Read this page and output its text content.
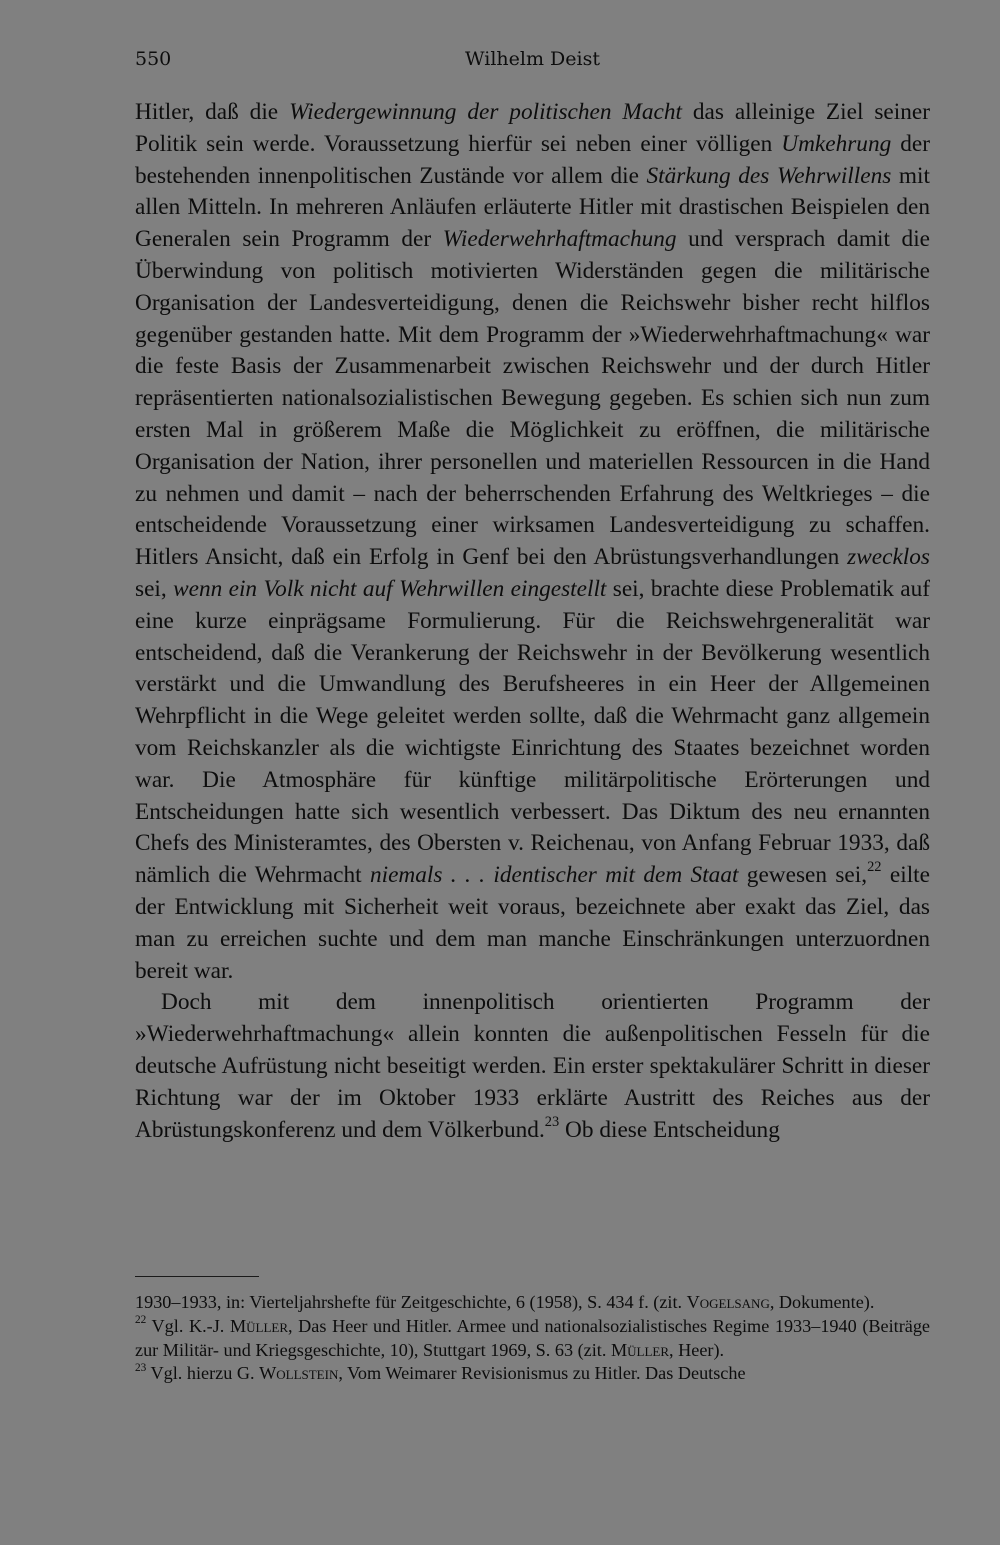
550	Wilhelm Deist

Hitler, daß die Wiedergewinnung der politischen Macht das alleinige Ziel seiner Politik sein werde. Voraussetzung hierfür sei neben einer völligen Umkehrung der bestehenden innenpolitischen Zustände vor allem die Stärkung des Wehrwillens mit allen Mitteln. In mehreren Anläufen erläuterte Hitler mit drastischen Beispielen den Generalen sein Programm der Wiederwehrhaftmachung und versprach damit die Überwindung von politisch motivierten Widerständen gegen die militärische Organisation der Landesverteidigung, denen die Reichswehr bisher recht hilflos gegenüber gestanden hatte. Mit dem Programm der »Wiederwehrhaftmachung« war die feste Basis der Zusammenarbeit zwischen Reichswehr und der durch Hitler repräsentierten nationalsozialistischen Bewegung gegeben. Es schien sich nun zum ersten Mal in größerem Maße die Möglichkeit zu eröffnen, die militärische Organisation der Nation, ihrer personellen und materiellen Ressourcen in die Hand zu nehmen und damit – nach der beherrschenden Erfahrung des Weltkrieges – die entscheidende Voraussetzung einer wirksamen Landesverteidigung zu schaffen. Hitlers Ansicht, daß ein Erfolg in Genf bei den Abrüstungsverhandlungen zwecklos sei, wenn ein Volk nicht auf Wehrwillen eingestellt sei, brachte diese Problematik auf eine kurze einprägsame Formulierung. Für die Reichswehrgeneralität war entscheidend, daß die Verankerung der Reichswehr in der Bevölkerung wesentlich verstärkt und die Umwandlung des Berufsheeres in ein Heer der Allgemeinen Wehrpflicht in die Wege geleitet werden sollte, daß die Wehrmacht ganz allgemein vom Reichskanzler als die wichtigste Einrichtung des Staates bezeichnet worden war. Die Atmosphäre für künftige militärpolitische Erörterungen und Entscheidungen hatte sich wesentlich verbessert. Das Diktum des neu ernannten Chefs des Ministeramtes, des Obersten v. Reichenau, von Anfang Februar 1933, daß nämlich die Wehrmacht niemals . . . identischer mit dem Staat gewesen sei,$^{22}$ eilte der Entwicklung mit Sicherheit weit voraus, bezeichnete aber exakt das Ziel, das man zu erreichen suchte und dem man manche Einschränkungen unterzuordnen bereit war.

Doch mit dem innenpolitisch orientierten Programm der »Wiederwehrhaftmachung« allein konnten die außenpolitischen Fesseln für die deutsche Aufrüstung nicht beseitigt werden. Ein erster spektakulärer Schritt in dieser Richtung war der im Oktober 1933 erklärte Austritt des Reiches aus der Abrüstungskonferenz und dem Völkerbund.$^{23}$ Ob diese Entscheidung

1930–1933, in: Vierteljahrshefte für Zeitgeschichte, 6 (1958), S. 434 f. (zit. Vogelsang, Dokumente).

$^{22}$ Vgl. K.-J. Müller, Das Heer und Hitler. Armee und nationalsozialistisches Regime 1933–1940 (Beiträge zur Militär- und Kriegsgeschichte, 10), Stuttgart 1969, S. 63 (zit. Müller, Heer).

$^{23}$ Vgl. hierzu G. Wollstein, Vom Weimarer Revisionismus zu Hitler. Das Deutsche
